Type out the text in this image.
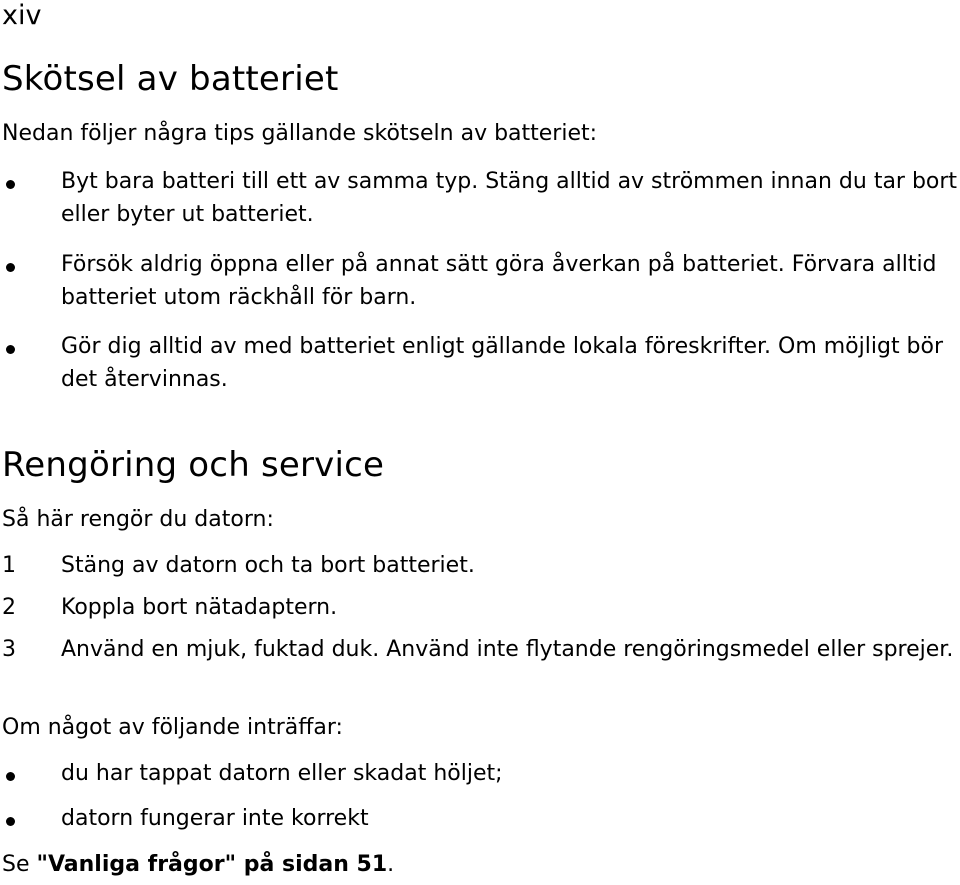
xiv
Skötsel av batteriet

Nedan följer några tips gällande skötseln av batteriet:

Byt bara batteri till ett av samma typ. Stäng alltid av strömmen innan du tar bort eller byter ut batteriet.
Försök aldrig öppna eller på annat sätt göra åverkan på batteriet. Förvara alltid batteriet utom räckhåll för barn.
Gör dig alltid av med batteriet enligt gällande lokala föreskrifter. Om möjligt bör det återvinnas.
Rengöring och service

Så här rengör du datorn:

1 Stäng av datorn och ta bort batteriet.
2 Koppla bort nätadaptern.
3 Använd en mjuk, fuktad duk. Använd inte flytande rengöringsmedel eller sprejer.

Om något av följande inträffar:

du har tappat datorn eller skadat höljet;
datorn fungerar inte korrekt

Se "Vanliga frågor" på sidan 51.
